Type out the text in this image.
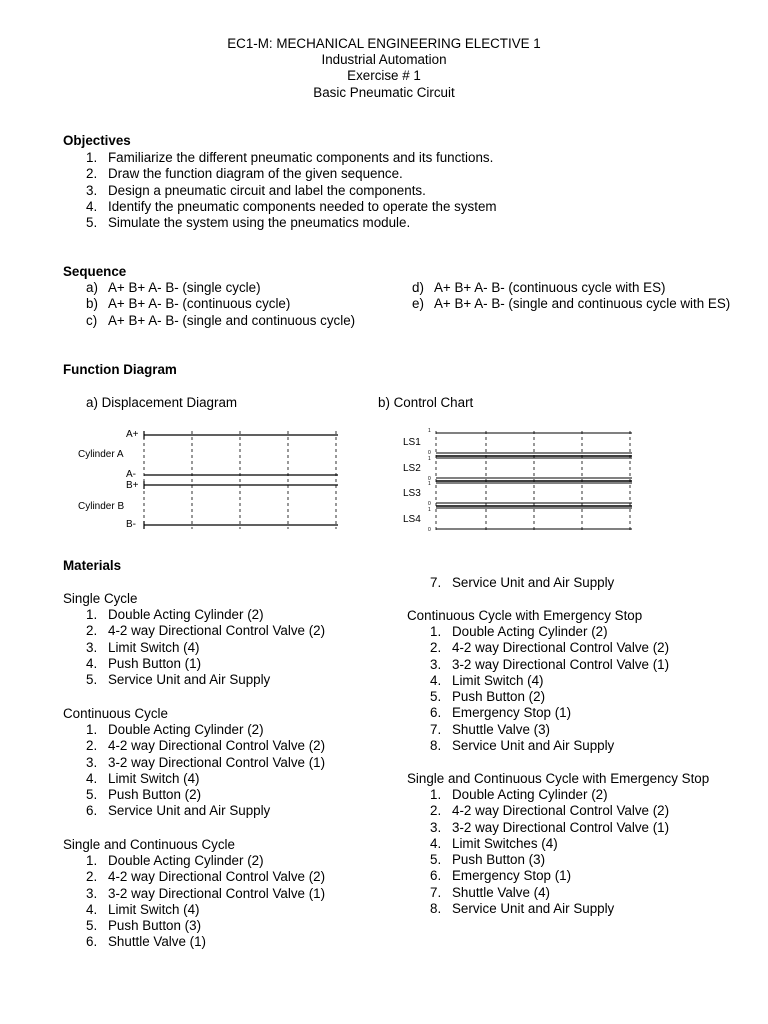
EC1-M: MECHANICAL ENGINEERING ELECTIVE 1
Industrial Automation
Exercise # 1
Basic Pneumatic Circuit
Objectives
1. Familiarize the different pneumatic components and its functions.
2. Draw the function diagram of the given sequence.
3. Design a pneumatic circuit and label the components.
4. Identify the pneumatic components needed to operate the system
5. Simulate the system using the pneumatics module.
Sequence
a) A+ B+ A- B- (single cycle)
b) A+ B+ A- B- (continuous cycle)
c) A+ B+ A- B- (single and continuous cycle)
d) A+ B+ A- B- (continuous cycle with ES)
e) A+ B+ A- B- (single and continuous cycle with ES)
Function Diagram
a) Displacement Diagram	b) Control Chart
A+
Cylinder A
A-
B+
Cylinder B
B-
LS1
LS2
LS3
LS4
1
0
1
0
1
0
1
0
Materials
Single Cycle
1. Double Acting Cylinder (2)
2. 4-2 way Directional Control Valve (2)
3. Limit Switch (4)
4. Push Button (1)
5. Service Unit and Air Supply
Continuous Cycle
1. Double Acting Cylinder (2)
2. 4-2 way Directional Control Valve (2)
3. 3-2 way Directional Control Valve (1)
4. Limit Switch (4)
5. Push Button (2)
6. Service Unit and Air Supply
Single and Continuous Cycle
1. Double Acting Cylinder (2)
2. 4-2 way Directional Control Valve (2)
3. 3-2 way Directional Control Valve (1)
4. Limit Switch (4)
5. Push Button (3)
6. Shuttle Valve (1)
7. Service Unit and Air Supply
Continuous Cycle with Emergency Stop
1. Double Acting Cylinder (2)
2. 4-2 way Directional Control Valve (2)
3. 3-2 way Directional Control Valve (1)
4. Limit Switch (4)
5. Push Button (2)
6. Emergency Stop (1)
7. Shuttle Valve (3)
8. Service Unit and Air Supply
Single and Continuous Cycle with Emergency Stop
1. Double Acting Cylinder (2)
2. 4-2 way Directional Control Valve (2)
3. 3-2 way Directional Control Valve (1)
4. Limit Switches (4)
5. Push Button (3)
6. Emergency Stop (1)
7. Shuttle Valve (4)
8. Service Unit and Air Supply
